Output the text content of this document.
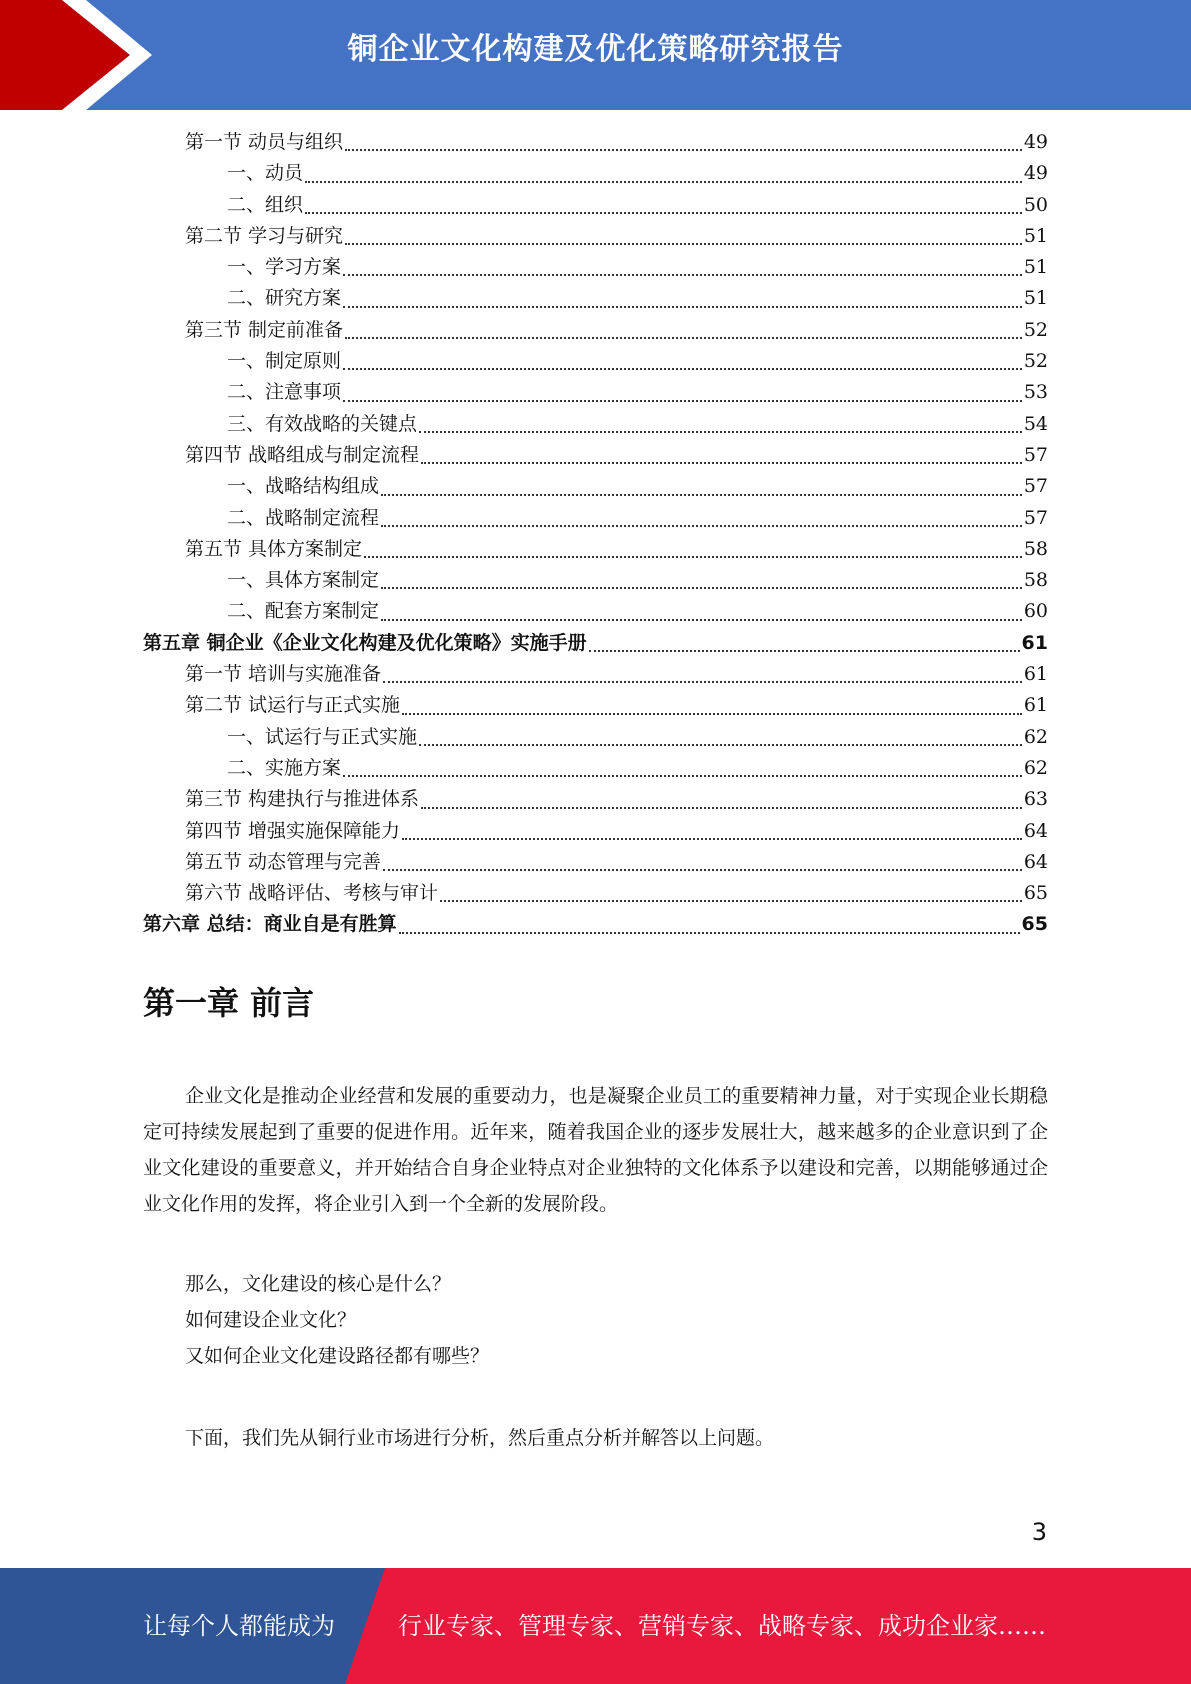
铜企业文化构建及优化策略研究报告
第一节 动员与组织	49
一、动员	49
二、组织	50
第二节 学习与研究	51
一、学习方案	51
二、研究方案	51
第三节 制定前准备	52
一、制定原则	52
二、注意事项	53
三、有效战略的关键点	54
第四节 战略组成与制定流程	57
一、战略结构组成	57
二、战略制定流程	57
第五节 具体方案制定	58
一、具体方案制定	58
二、配套方案制定	60
第五章 铜企业《企业文化构建及优化策略》实施手册	61
第一节 培训与实施准备	61
第二节 试运行与正式实施	61
一、试运行与正式实施	62
二、实施方案	62
第三节 构建执行与推进体系	63
第四节 增强实施保障能力	64
第五节 动态管理与完善	64
第六节 战略评估、考核与审计	65
第六章 总结：商业自是有胜算	65
第一章 前言
企业文化是推动企业经营和发展的重要动力，也是凝聚企业员工的重要精神力量，对于实现企业长期稳定可持续发展起到了重要的促进作用。近年来，随着我国企业的逐步发展壮大，越来越多的企业意识到了企业文化建设的重要意义，并开始结合自身企业特点对企业独特的文化体系予以建设和完善，以期能够通过企业文化作用的发挥，将企业引入到一个全新的发展阶段。
那么，文化建设的核心是什么？
如何建设企业文化？
又如何企业文化建设路径都有哪些？
下面，我们先从铜行业市场进行分析，然后重点分析并解答以上问题。
3
让每个人都能成为	行业专家、管理专家、营销专家、战略专家、成功企业家……
